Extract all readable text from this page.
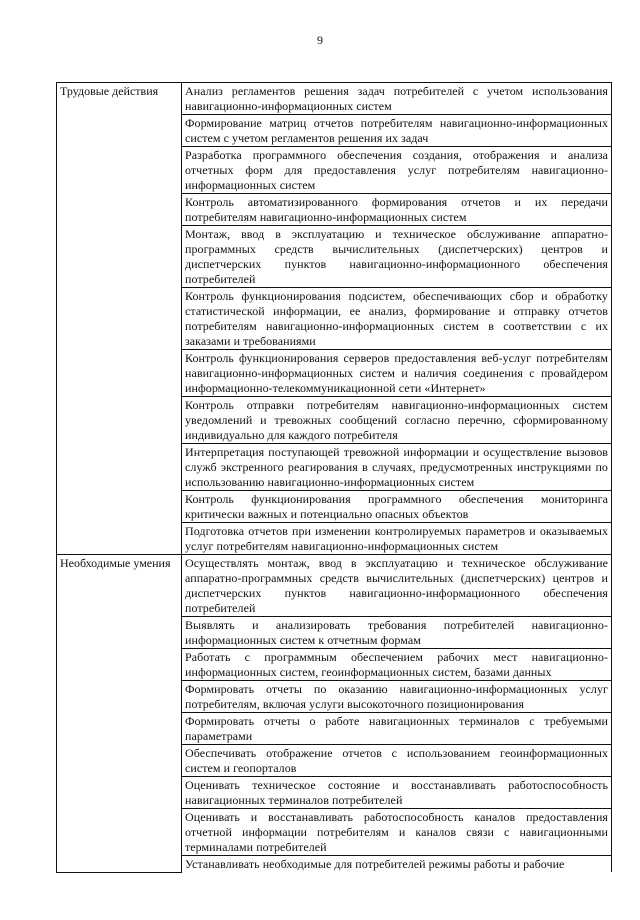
9
Трудовые действия	Анализ регламентов решения задач потребителей с учетом использования навигационно-информационных систем
	Формирование матриц отчетов потребителям навигационно-информационных систем с учетом регламентов решения их задач
	Разработка программного обеспечения создания, отображения и анализа отчетных форм для предоставления услуг потребителям навигационно-информационных систем
	Контроль автоматизированного формирования отчетов и их передачи потребителям навигационно-информационных систем
	Монтаж, ввод в эксплуатацию и техническое обслуживание аппаратно-программных средств вычислительных (диспетчерских) центров и диспетчерских пунктов навигационно-информационного обеспечения потребителей
	Контроль функционирования подсистем, обеспечивающих сбор и обработку статистической информации, ее анализ, формирование и отправку отчетов потребителям навигационно-информационных систем в соответствии с их заказами и требованиями
	Контроль функционирования серверов предоставления веб-услуг потребителям навигационно-информационных систем и наличия соединения с провайдером информационно-телекоммуникационной сети «Интернет»
	Контроль отправки потребителям навигационно-информационных систем уведомлений и тревожных сообщений согласно перечню, сформированному индивидуально для каждого потребителя
	Интерпретация поступающей тревожной информации и осуществление вызовов служб экстренного реагирования в случаях, предусмотренных инструкциями по использованию навигационно-информационных систем
	Контроль функционирования программного обеспечения мониторинга критически важных и потенциально опасных объектов
	Подготовка отчетов при изменении контролируемых параметров и оказываемых услуг потребителям навигационно-информационных систем
Необходимые умения	Осуществлять монтаж, ввод в эксплуатацию и техническое обслуживание аппаратно-программных средств вычислительных (диспетчерских) центров и диспетчерских пунктов навигационно-информационного обеспечения потребителей
	Выявлять и анализировать требования потребителей навигационно-информационных систем к отчетным формам
	Работать с программным обеспечением рабочих мест навигационно-информационных систем, геоинформационных систем, базами данных
	Формировать отчеты по оказанию навигационно-информационных услуг потребителям, включая услуги высокоточного позиционирования
	Формировать отчеты о работе навигационных терминалов с требуемыми параметрами
	Обеспечивать отображение отчетов с использованием геоинформационных систем и геопорталов
	Оценивать техническое состояние и восстанавливать работоспособность навигационных терминалов потребителей
	Оценивать и восстанавливать работоспособность каналов предоставления отчетной информации потребителям и каналов связи с навигационными терминалами потребителей
	Устанавливать необходимые для потребителей режимы работы и рабочие
